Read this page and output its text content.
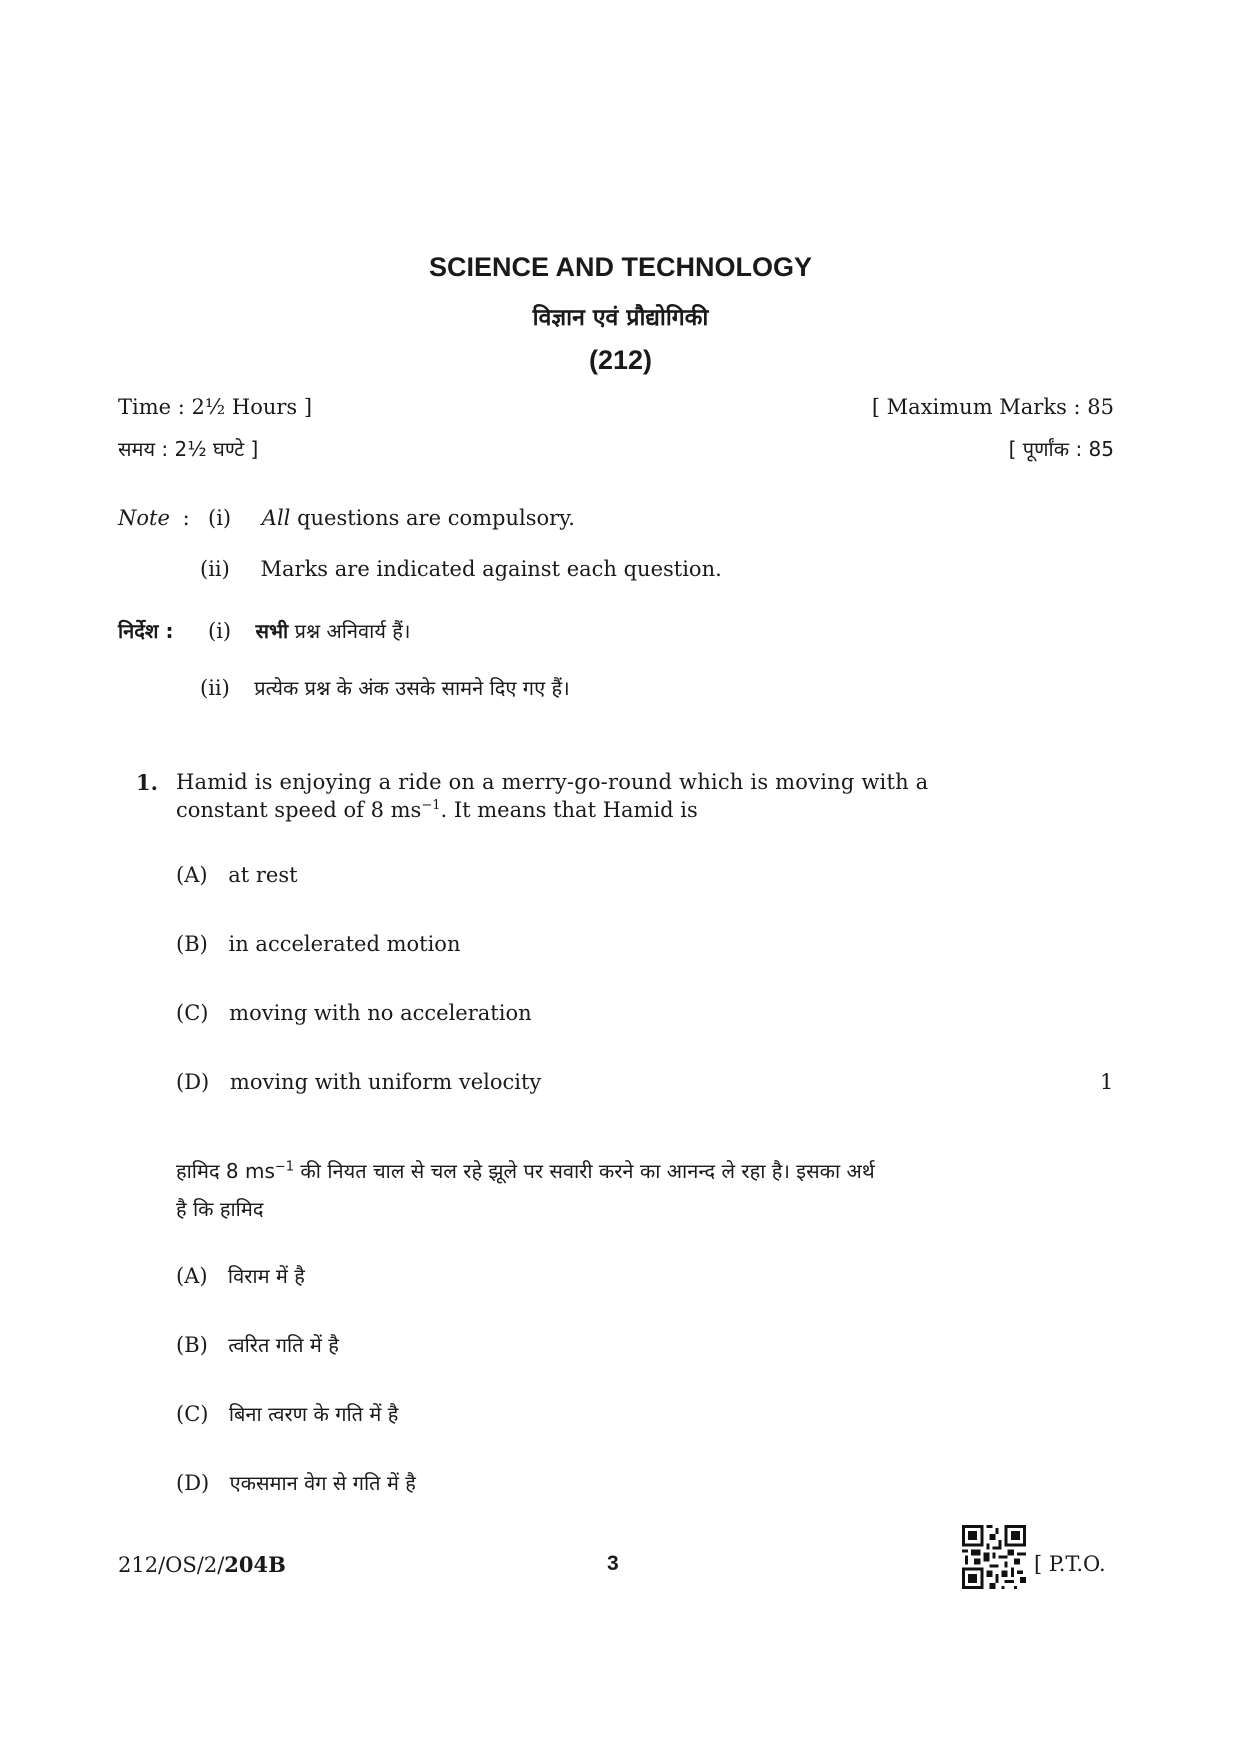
SCIENCE AND TECHNOLOGY
विज्ञान एवं प्रौद्योगिकी
(212)
Time : 2½ Hours ]	[ Maximum Marks : 85
समय : 2½ घण्टे ]	[ पूर्णांक : 85
Note : (i) All questions are compulsory.
(ii) Marks are indicated against each question.
निर्देश : (i) सभी प्रश्न अनिवार्य हैं।
(ii) प्रत्येक प्रश्न के अंक उसके सामने दिए गए हैं।
1. Hamid is enjoying a ride on a merry-go-round which is moving with a
constant speed of 8 $ms^{-1}$. It means that Hamid is
(A) at rest
(B) in accelerated motion
(C) moving with no acceleration
(D) moving with uniform velocity	1
हामिद 8 $ms^{-1}$ की नियत चाल से चल रहे झूले पर सवारी करने का आनन्द ले रहा है। इसका अर्थ
है कि हामिद
(A) विराम में है
(B) त्वरित गति में है
(C) बिना त्वरण के गति में है
(D) एकसमान वेग से गति में है
212/OS/2/204B	3	[ P.T.O.
